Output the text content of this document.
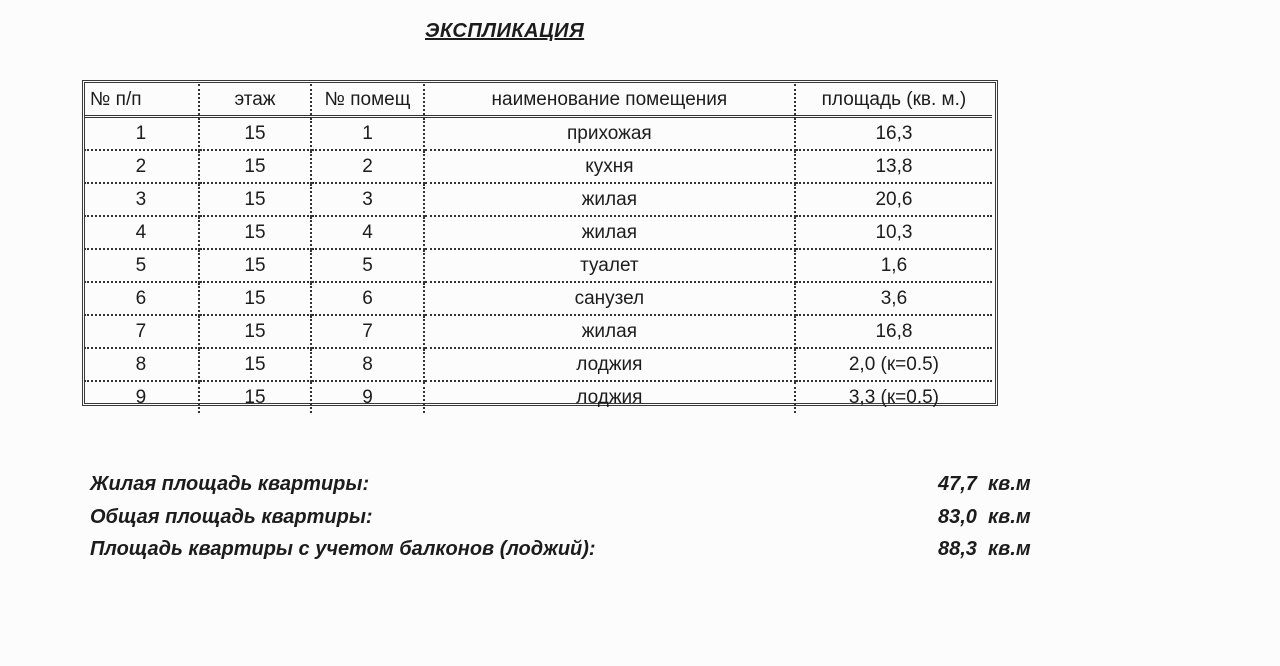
ЭКСПЛИКАЦИЯ
№ п/п	этаж	№ помещ	наименование помещения	площадь (кв. м.)
1	15	1	прихожая	16,3
2	15	2	кухня	13,8
3	15	3	жилая	20,6
4	15	4	жилая	10,3
5	15	5	туалет	1,6
6	15	6	санузел	3,6
7	15	7	жилая	16,8
8	15	8	лоджия	2,0 (к=0.5)
9	15	9	лоджия	3,3 (к=0.5)
Жилая площадь квартиры:	47,7  кв.м
Общая площадь квартиры:	83,0  кв.м
Площадь квартиры с учетом балконов (лоджий):	88,3  кв.м
